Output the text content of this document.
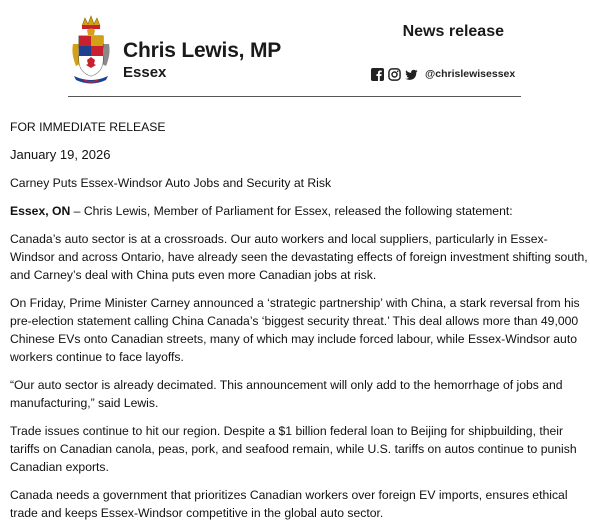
Chris Lewis, MP
Essex
News release
@chrislewisessex

FOR IMMEDIATE RELEASE

January 19, 2026

Carney Puts Essex-Windsor Auto Jobs and Security at Risk

Essex, ON – Chris Lewis, Member of Parliament for Essex, released the following statement:

Canada’s auto sector is at a crossroads. Our auto workers and local suppliers, particularly in Essex-Windsor and across Ontario, have already seen the devastating effects of foreign investment shifting south, and Carney’s deal with China puts even more Canadian jobs at risk.

On Friday, Prime Minister Carney announced a ‘strategic partnership’ with China, a stark reversal from his pre-election statement calling China Canada’s ‘biggest security threat.’ This deal allows more than 49,000 Chinese EVs onto Canadian streets, many of which may include forced labour, while Essex-Windsor auto workers continue to face layoffs.

“Our auto sector is already decimated. This announcement will only add to the hemorrhage of jobs and manufacturing,” said Lewis.

Trade issues continue to hit our region. Despite a $1 billion federal loan to Beijing for shipbuilding, their tariffs on Canadian canola, peas, pork, and seafood remain, while U.S. tariffs on autos continue to punish Canadian exports.

Canada needs a government that prioritizes Canadian workers over foreign EV imports, ensures ethical trade and keeps Essex-Windsor competitive in the global auto sector.
